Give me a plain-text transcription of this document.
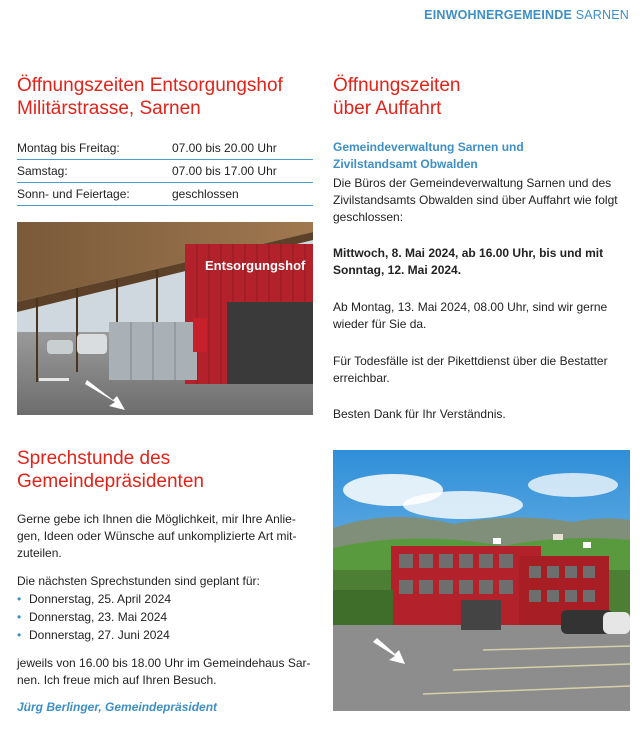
EINWOHNERGEMEINDE SARNEN
Öffnungszeiten Entsorgungshof
Militärstrasse, Sarnen
Montag bis Freitag:	07.00 bis 20.00 Uhr
Samstag:	07.00 bis 17.00 Uhr
Sonn- und Feiertage:	geschlossen
Entsorgungshof
Sprechstunde des
Gemeindepräsidenten

Gerne gebe ich Ihnen die Möglichkeit, mir Ihre Anlie-
gen, Ideen oder Wünsche auf unkomplizierte Art mit-
zuteilen.

Die nächsten Sprechstunden sind geplant für:

• Donnerstag, 25. April 2024
• Donnerstag, 23. Mai 2024
• Donnerstag, 27. Juni 2024

jeweils von 16.00 bis 18.00 Uhr im Gemeindehaus Sar-
nen. Ich freue mich auf Ihren Besuch.

Jürg Berlinger, Gemeindepräsident

Öffnungszeiten
über Auffahrt

Gemeindeverwaltung Sarnen und
Zivilstandsamt Obwalden

Die Büros der Gemeindeverwaltung Sarnen und des
Zivilstandsamts Obwalden sind über Auffahrt wie folgt
geschlossen:

Mittwoch, 8. Mai 2024, ab 16.00 Uhr, bis und mit
Sonntag, 12. Mai 2024.

Ab Montag, 13. Mai 2024, 08.00 Uhr, sind wir gerne
wieder für Sie da.

Für Todesfälle ist der Pikettdienst über die Bestatter
erreichbar.

Besten Dank für Ihr Verständnis.
